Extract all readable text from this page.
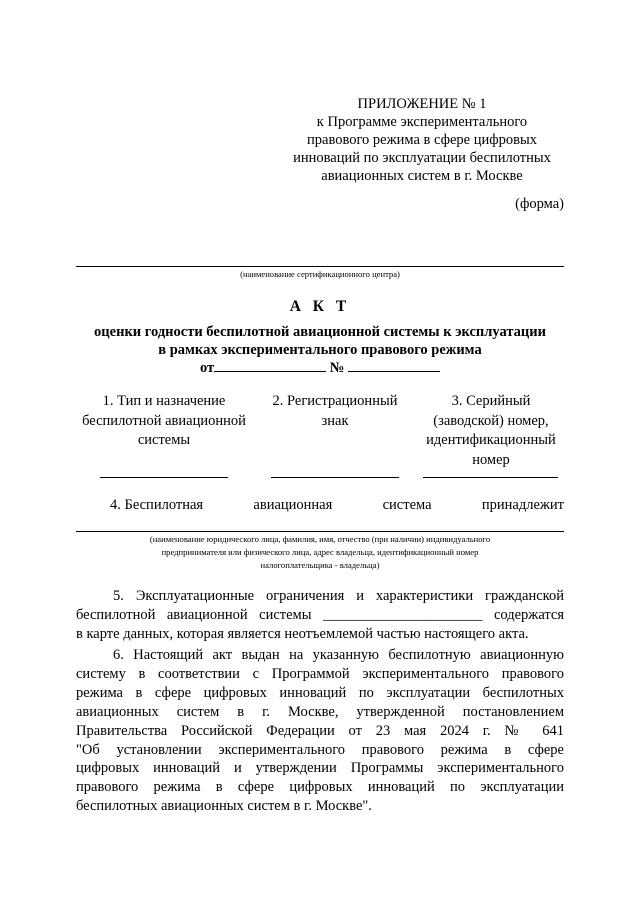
ПРИЛОЖЕНИЕ № 1
к Программе экспериментального
правового режима в сфере цифровых
инноваций по эксплуатации беспилотных
авиационных систем в г. Москве
(форма)
(наименование сертификационного центра)
А К Т
оценки годности беспилотной авиационной системы к эксплуатации
в рамках экспериментального правового режима
от	№
1. Тип и назначение
беспилотной авиационной
системы
2. Регистрационный
знак
3. Серийный
(заводской) номер,
идентификационный
номер
4. Беспилотная	авиационная	система	принадлежит
(наименование юридического лица, фамилия, имя, отчество (при наличии) индивидуального
предпринимателя или физического лица, адрес владельца, идентификационный номер
налогоплательщика - владельца)
5. Эксплуатационные ограничения и характеристики гражданской
беспилотной авиационной системы ______________________ содержатся
в карте данных, которая является неотъемлемой частью настоящего акта.
6. Настоящий акт выдан на указанную беспилотную авиационную
систему в соответствии с Программой экспериментального правового
режима в сфере цифровых инноваций по эксплуатации беспилотных
авиационных систем в г. Москве, утвержденной постановлением
Правительства Российской Федерации от 23 мая 2024 г. № 641
"Об установлении экспериментального правового режима в сфере
цифровых инноваций и утверждении Программы экспериментального
правового режима в сфере цифровых инноваций по эксплуатации
беспилотных авиационных систем в г. Москве".
